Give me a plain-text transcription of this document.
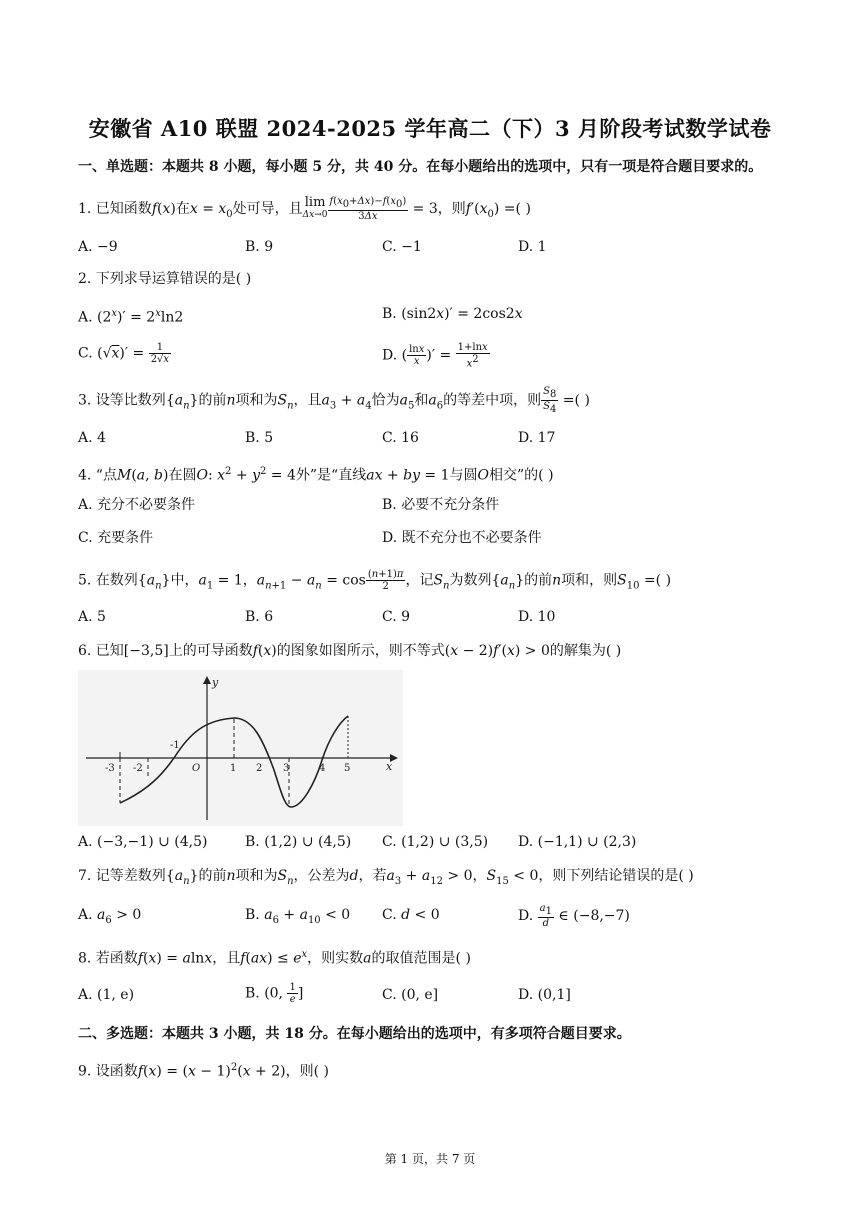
安徽省 A10 联盟 2024-2025 学年高二（下）3 月阶段考试数学试卷
一、单选题：本题共 8 小题，每小题 5 分，共 40 分。在每小题给出的选项中，只有一项是符合题目要求的。
1. 已知函数f(x)在$x = x_0$处可导，且 lim
$\Delta x\to 0 \frac{f(x_0+\Delta x)-f(x_0)}{3\Delta x} = 3$，则$f'(x_0)$ =( )
A. −9	B. 9	C. −1	D. 1
2. 下列求导运算错误的是( )
A. $(2^x)' = 2^x\ln 2$	B. (sin2x)′ = 2cos2x
C. $(√x)' = \frac{1}{2√x}$	D. ( $\frac{\ln x}{x}$ )′ = $\frac{1+\ln x}{x^2}$
3. 设等比数列$\{a_n\}$的前n项和为$S_n$，且$a_3 + a_4$恰为$a_5$和$a_6$的等差中项，则 $\frac{S_8}{S_4}$ =( )
A. 4	B. 5	C. 16	D. 17
4. “点M(a, b)在圆O: $x^2 + y^2 = 4$外”是“直线ax + by = 1与圆O相交”的( )
A. 充分不必要条件	B. 必要不充分条件
C. 充要条件	D. 既不充分也不必要条件
5. 在数列$\{a_n\}$中，$a_1 = 1$，$a_{n+1} - a_n = \cos \frac{(n+1)\pi}{2}$ ，记$S_n$为数列$\{a_n\}$的前n项和，则$S_{10}$ =( )
A. 5	B. 6	C. 9	D. 10
6. 已知[−3,5]上的可导函数f(x)的图象如图所示，则不等式(x − 2)f′(x) > 0的解集为( )
y
x
O
-1
-3 -2	1 2 3	4 5
A. (−3,−1) ∪ (4,5)	B. (1,2) ∪ (4,5) C. (1,2) ∪ (3,5) D. (−1,1) ∪ (2,3)
7. 记等差数列$\{a_n\}$的前n项和为$S_n$，公差为d，若$a_3 + a_{12} > 0$，$S_{15} < 0$，则下列结论错误的是( )
A. $a_6 > 0$	B. $a_6 + a_{10} < 0$ C. d < 0	D. $\frac{a_1}{d}$ ∈ (−8,−7)
8. 若函数f(x) = alnx，且$f(ax) \le e^x$，则实数a的取值范围是( )
A. (1, e)	B. (0, $\frac{1}{e}$ ]	C. (0, e]	D. (0,1]
二、多选题：本题共 3 小题，共 18 分。在每小题给出的选项中，有多项符合题目要求。
9. 设函数$f(x) = (x - 1)^2(x + 2)$，则( )
第 1 页，共 7 页
